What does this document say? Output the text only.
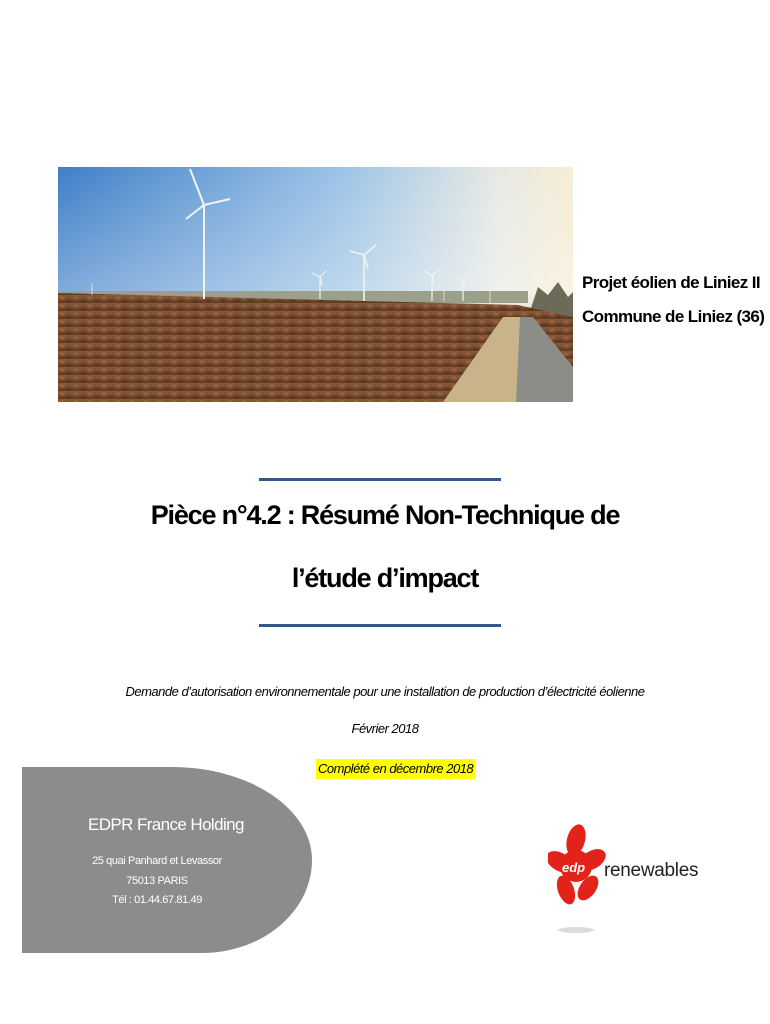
Projet éolien de Liniez II
Commune de Liniez (36)
Pièce n°4.2 : Résumé Non-Technique de
l’étude d’impact
Demande d’autorisation environnementale pour une installation de production d’électricité éolienne
Février 2018
Complété en décembre 2018
EDPR France Holding
25 quai Panhard et Levassor
75013 PARIS
Tél : 01.44.67.81.49
edp renewables
